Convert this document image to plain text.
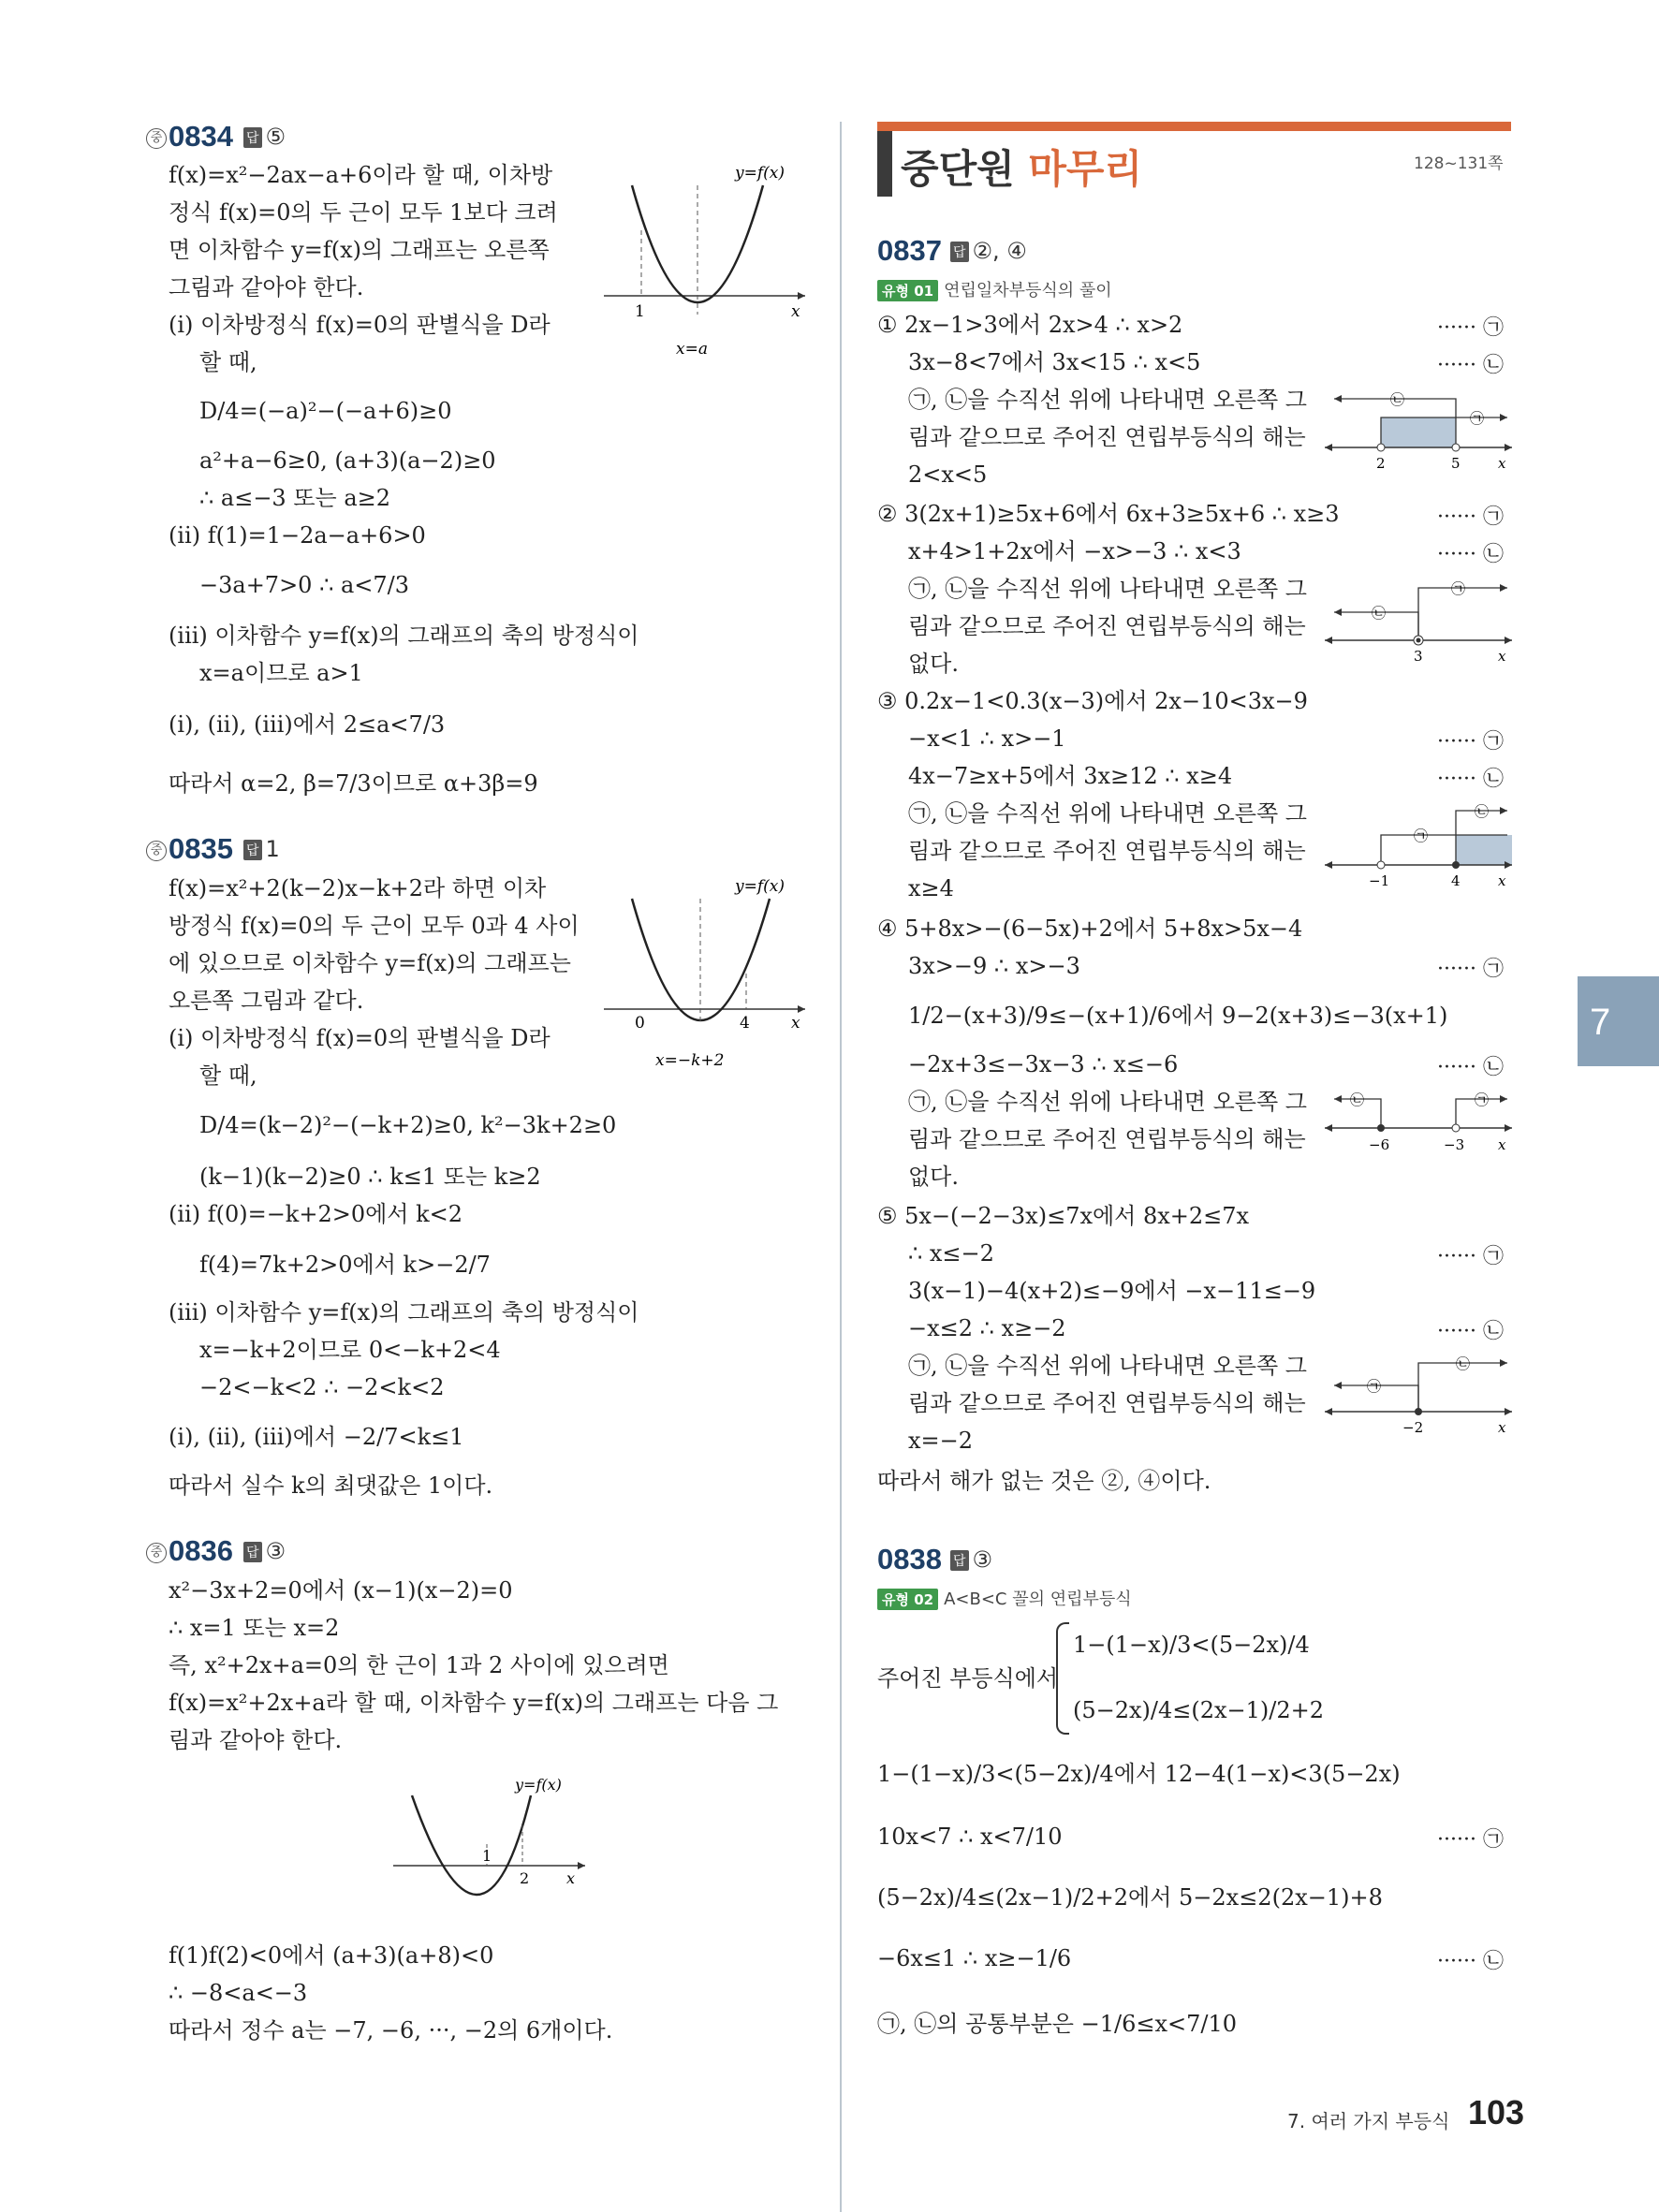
중단원 마무리	128~131쪽
7
중 0834 답 ⑤
f(x)=x²−2ax−a+6이라 할 때, 이차방
정식 f(x)=0의 두 근이 모두 1보다 크려
면 이차함수 y=f(x)의 그래프는 오른쪽
그림과 같아야 한다.
(ⅰ) 이차방정식 f(x)=0의 판별식을 D라
할 때,
D/4=(−a)²−(−a+6)≥0
a²+a−6≥0, (a+3)(a−2)≥0
∴ a≤−3 또는 a≥2
(ⅱ) f(1)=1−2a−a+6>0
−3a+7>0 ∴ a<7/3
(ⅲ) 이차함수 y=f(x)의 그래프의 축의 방정식이
x=a이므로 a>1
(ⅰ), (ⅱ), (ⅲ)에서 2≤a<7/3
따라서 α=2, β=7/3이므로 α+3β=9
y=f(x)
1	x
x=a
중 0835 답 1
f(x)=x²+2(k−2)x−k+2라 하면 이차
방정식 f(x)=0의 두 근이 모두 0과 4 사이
에 있으므로 이차함수 y=f(x)의 그래프는
오른쪽 그림과 같다.
(ⅰ) 이차방정식 f(x)=0의 판별식을 D라
할 때,
D/4=(k−2)²−(−k+2)≥0, k²−3k+2≥0
(k−1)(k−2)≥0 ∴ k≤1 또는 k≥2
(ⅱ) f(0)=−k+2>0에서 k<2
f(4)=7k+2>0에서 k>−2/7
(ⅲ) 이차함수 y=f(x)의 그래프의 축의 방정식이
x=−k+2이므로 0<−k+2<4
−2<−k<2 ∴ −2<k<2
(ⅰ), (ⅱ), (ⅲ)에서 −2/7<k≤1
따라서 실수 k의 최댓값은 1이다.
y=f(x)
0	4	x
x=−k+2
중 0836 답 ③
x²−3x+2=0에서 (x−1)(x−2)=0
∴ x=1 또는 x=2
즉, x²+2x+a=0의 한 근이 1과 2 사이에 있으려면
f(x)=x²+2x+a라 할 때, 이차함수 y=f(x)의 그래프는 다음 그
림과 같아야 한다.
y=f(x)
1
2 x
f(1)f(2)<0에서 (a+3)(a+8)<0
∴ −8<a<−3
따라서 정수 a는 −7, −6, ···, −2의 6개이다.
0837 답 ②, ④
유형 01 연립일차부등식의 풀이
① 2x−1>3에서 2x>4 ∴ x>2	······ ㉠
3x−8<7에서 3x<15 ∴ x<5	······ ㉡
㉠, ㉡을 수직선 위에 나타내면 오른쪽 그
림과 같으므로 주어진 연립부등식의 해는
2<x<5
㉡
㉠
2	5	x
② 3(2x+1)≥5x+6에서 6x+3≥5x+6 ∴ x≥3	······ ㉠
x+4>1+2x에서 −x>−3 ∴ x<3	······ ㉡
㉠, ㉡을 수직선 위에 나타내면 오른쪽 그
림과 같으므로 주어진 연립부등식의 해는
없다.
㉠
㉡
3	x
③ 0.2x−1<0.3(x−3)에서 2x−10<3x−9
−x<1 ∴ x>−1	······ ㉠
4x−7≥x+5에서 3x≥12 ∴ x≥4	······ ㉡
㉠, ㉡을 수직선 위에 나타내면 오른쪽 그
림과 같으므로 주어진 연립부등식의 해는
x≥4
㉠
㉡
−1	4	x
④ 5+8x>−(6−5x)+2에서 5+8x>5x−4
3x>−9 ∴ x>−3	······ ㉠
1/2−(x+3)/9≤−(x+1)/6에서 9−2(x+3)≤−3(x+1)
−2x+3≤−3x−3 ∴ x≤−6	······ ㉡
㉠, ㉡을 수직선 위에 나타내면 오른쪽 그
림과 같으므로 주어진 연립부등식의 해는
없다.
㉡	㉠
−6	−3 x
⑤ 5x−(−2−3x)≤7x에서 8x+2≤7x
∴ x≤−2	······ ㉠
3(x−1)−4(x+2)≤−9에서 −x−11≤−9
−x≤2 ∴ x≥−2	······ ㉡
㉠, ㉡을 수직선 위에 나타내면 오른쪽 그
림과 같으므로 주어진 연립부등식의 해는
x=−2
㉠
㉡
−2	x
따라서 해가 없는 것은 ②, ④이다.
0838 답 ③
유형 02 A<B<C 꼴의 연립부등식
주어진 부등식에서
1−(1−x)/3<(5−2x)/4
(5−2x)/4≤(2x−1)/2+2
1−(1−x)/3<(5−2x)/4에서 12−4(1−x)<3(5−2x)
10x<7 ∴ x<7/10	······ ㉠
(5−2x)/4≤(2x−1)/2+2에서 5−2x≤2(2x−1)+8
−6x≤1 ∴ x≥−1/6	······ ㉡
㉠, ㉡의 공통부분은 −1/6≤x<7/10
7. 여러 가지 부등식 103
